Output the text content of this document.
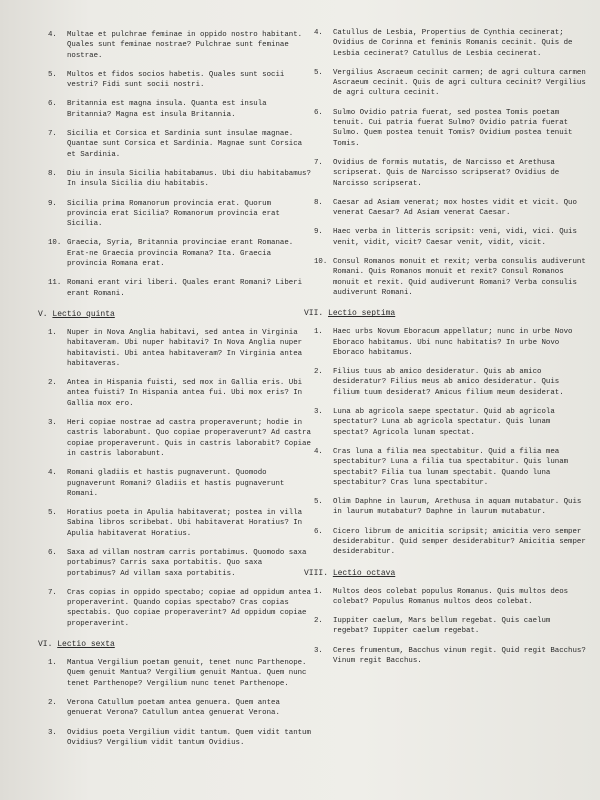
4.	Multae et pulchrae feminae in oppido nostro habitant. Quales sunt feminae nostrae? Pulchrae sunt feminae nostrae.
5.	Multos et fidos socios habetis. Quales sunt socii vestri? Fidi sunt socii nostri.
6.	Britannia est magna insula. Quanta est insula Britannia? Magna est insula Britannia.
7.	Sicilia et Corsica et Sardinia sunt insulae magnae. Quantae sunt Corsica et Sardinia. Magnae sunt Corsica et Sardinia.
8.	Diu in insula Sicilia habitabamus. Ubi diu habitabamus? In insula Sicilia diu habitabis.
9.	Sicilia prima Romanorum provincia erat. Quorum provincia erat Sicilia? Romanorum provincia erat Sicilia.
10. Graecia, Syria, Britannia provinciae erant Romanae. Erat-ne Graecia provincia Romana? Ita. Graecia provincia Romana erat.
11. Romani erant viri liberi. Quales erant Romani? Liberi erant Romani.
V. Lectio quinta
1.	Nuper in Nova Anglia habitavi, sed antea in Virginia habitaveram. Ubi nuper habitavi? In Nova Anglia nuper habitavisti. Ubi antea habitaveram? In Virginia antea habitaveras.
2.	Antea in Hispania fuisti, sed mox in Gallia eris. Ubi antea fuisti? In Hispania antea fui. Ubi mox eris? In Gallia mox ero.
3.	Heri copiae nostrae ad castra properaverunt; hodie in castris laborabunt. Quo copiae properaverunt? Ad castra copiae properaverunt. Quis in castris laborabit? Copiae in castris laborabunt.
4.	Romani gladiis et hastis pugnaverunt. Quomodo pugnaverunt Romani? Gladiis et hastis pugnaverunt Romani.
5.	Horatius poeta in Apulia habitaverat; postea in villa Sabina libros scribebat. Ubi habitaverat Horatius? In Apulia habitaverat Horatius.
6.	Saxa ad villam nostram carris portabimus. Quomodo saxa portabimus? Carris saxa portabitis. Quo saxa portabimus? Ad villam saxa portabitis.
7.	Cras copias in oppido spectabo; copiae ad oppidum antea properaverint. Quando copias spectabo? Cras copias spectabis. Quo copiae properaverint? Ad oppidum copiae properaverint.
VI. Lectio sexta
1.	Mantua Vergilium poetam genuit, tenet nunc Parthenope. Quem genuit Mantua? Vergilium genuit Mantua. Quem nunc tenet Parthenope? Vergilium nunc tenet Parthenope.
2.	Verona Catullum poetam antea genuera. Quem antea genuerat Verona? Catullum antea genuerat Verona.
3.	Ovidius poeta Vergilium vidit tantum. Quem vidit tantum Ovidius? Vergilium vidit tantum Ovidius.
4.	Catullus de Lesbia, Propertius de Cynthia cecinerat; Ovidius de Corinna et feminis Romanis cecinit. Quis de Lesbia cecinerat? Catullus de Lesbia cecinerat.
5.	Vergilius Ascraeum cecinit carmen; de agri cultura carmen Ascraeum cecinit. Quis de agri cultura cecinit? Vergilius de agri cultura cecinit.
6.	Sulmo Ovidio patria fuerat, sed postea Tomis poetam tenuit. Cui patria fuerat Sulmo? Ovidio patria fuerat Sulmo. Quem postea tenuit Tomis? Ovidium postea tenuit Tomis.
7.	Ovidius de formis mutatis, de Narcisso et Arethusa scripserat. Quis de Narcisso scripserat? Ovidius de Narcisso scripserat.
8.	Caesar ad Asiam venerat; mox hostes vidit et vicit. Quo venerat Caesar? Ad Asiam venerat Caesar.
9.	Haec verba in litteris scripsit: veni, vidi, vici. Quis venit, vidit, vicit? Caesar venit, vidit, vicit.
10. Consul Romanos monuit et rexit; verba consulis audiverunt Romani. Quis Romanos monuit et rexit? Consul Romanos monuit et rexit. Quid audiverunt Romani? Verba consulis audiverunt Romani.
VII. Lectio septima
1.	Haec urbs Novum Eboracum appellatur; nunc in urbe Novo Eboraco habitamus. Ubi nunc habitatis? In urbe Novo Eboraco habitamus.
2.	Filius tuus ab amico desideratur. Quis ab amico desideratur? Filius meus ab amico desideratur. Quis filium tuum desiderat? Amicus filium meum desiderat.
3.	Luna ab agricola saepe spectatur. Quid ab agricola spectatur? Luna ab agricola spectatur. Quis lunam spectat? Agricola lunam spectat.
4.	Cras luna a filia mea spectabitur. Quid a filia mea spectabitur? Luna a filia tua spectabitur. Quis lunam spectabit? Filia tua lunam spectabit. Quando luna spectabitur? Cras luna spectabitur.
5.	Olim Daphne in laurum, Arethusa in aquam mutabatur. Quis in laurum mutabatur? Daphne in laurum mutabatur.
6.	Cicero librum de amicitia scripsit; amicitia vero semper desiderabitur. Quid semper desiderabitur? Amicitia semper desiderabitur.
VIII. Lectio octava
1.	Multos deos colebat populus Romanus. Quis multos deos colebat? Populus Romanus multos deos colebat.
2.	Iuppiter caelum, Mars bellum regebat. Quis caelum regebat? Iuppiter caelum regebat.
3.	Ceres frumentum, Bacchus vinum regit. Quid regit Bacchus? Vinum regit Bacchus.
